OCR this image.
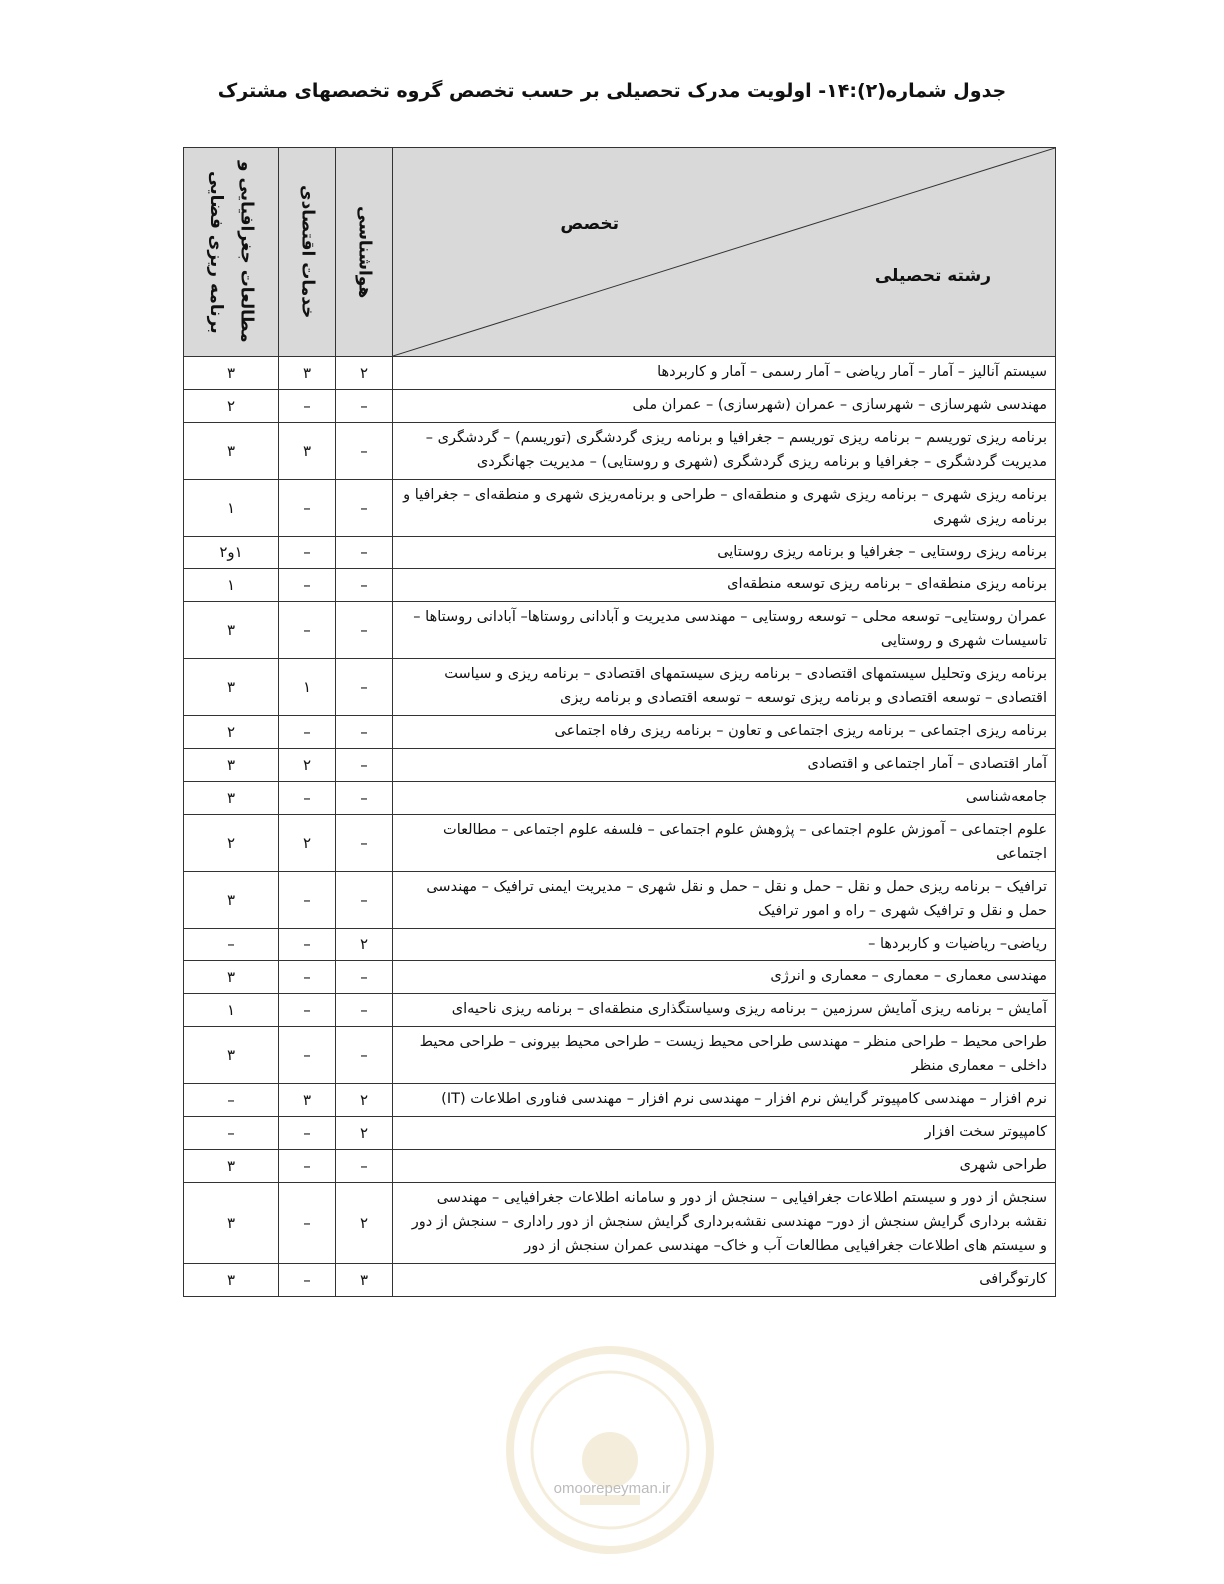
جدول شماره(۲):۱۴- اولویت مدرک تحصیلی بر حسب تخصص گروه تخصصهای مشترک
تخصص
رشته تحصیلی	هواشناسی	خدمات اقتصادی	مطالعات جغرافیایی و
برنامه ریزی فضایی

سیستم آنالیز – آمار – آمار ریاضی – آمار رسمی – آمار و کاربردها	۲	۳	۳
مهندسی شهرسازی – شهرسازی – عمران (شهرسازی) – عمران ملی	–	–	۲
برنامه ریزی توریسم – برنامه ریزی توریسم – جغرافیا و برنامه ریزی گردشگری (توریسم) – گردشگری – مدیریت گردشگری – جغرافیا و برنامه ریزی گردشگری (شهری و روستایی) – مدیریت جهانگردی	–	۳	۳
برنامه ریزی شهری – برنامه ریزی شهری و منطقه‌ای – طراحی و برنامه‌ریزی شهری و منطقه‌ای – جغرافیا و برنامه ریزی شهری	–	–	۱
برنامه ریزی روستایی – جغرافیا و برنامه ریزی روستایی	–	–	۱و۲
برنامه ریزی منطقه‌ای – برنامه ریزی توسعه منطقه‌ای	–	–	۱
عمران روستایی– توسعه محلی – توسعه روستایی – مهندسی مدیریت و آبادانی روستاها– آبادانی روستاها – تاسیسات شهری و روستایی	–	–	۳
برنامه ریزی وتحلیل سیستمهای اقتصادی – برنامه ریزی سیستمهای اقتصادی – برنامه ریزی و سیاست اقتصادی – توسعه اقتصادی و برنامه ریزی توسعه – توسعه اقتصادی و برنامه ریزی	–	۱	۳
برنامه ریزی اجتماعی – برنامه ریزی اجتماعی و تعاون – برنامه ریزی رفاه اجتماعی	–	–	۲
آمار اقتصادی – آمار اجتماعی و اقتصادی	–	۲	۳
جامعه‌شناسی	–	–	۳
علوم اجتماعی – آموزش علوم اجتماعی – پژوهش علوم اجتماعی – فلسفه علوم اجتماعی – مطالعات اجتماعی	–	۲	۲
ترافیک – برنامه ریزی حمل و نقل – حمل و نقل – حمل و نقل شهری – مدیریت ایمنی ترافیک – مهندسی حمل و نقل و ترافیک شهری – راه و امور ترافیک	–	–	۳
ریاضی– ریاضیات و کاربردها –	۲	–	–
مهندسی معماری – معماری – معماری و انرژی	–	–	۳
آمایش – برنامه ریزی آمایش سرزمین – برنامه ریزی وسیاستگذاری منطقه‌ای – برنامه ریزی ناحیه‌ای	–	–	۱
طراحی محیط – طراحی منظر – مهندسی طراحی محیط زیست – طراحی محیط بیرونی – طراحی محیط داخلی – معماری منظر	–	–	۳
نرم افزار – مهندسی کامپیوتر گرایش نرم افزار – مهندسی نرم افزار – مهندسی فناوری اطلاعات (IT)	۲	۳	–
کامپیوتر سخت افزار	۲	–	–
طراحی شهری	–	–	۳
سنجش از دور و سیستم اطلاعات جغرافیایی – سنجش از دور و سامانه اطلاعات جغرافیایی – مهندسی نقشه برداری گرایش سنجش از دور– مهندسی نقشه‌برداری گرایش سنجش از دور راداری – سنجش از دور و سیستم های اطلاعات جغرافیایی مطالعات آب و خاک– مهندسی عمران سنجش از دور	۲	–	۳
کارتوگرافی	۳	–	۳
omoorepeyman.ir
